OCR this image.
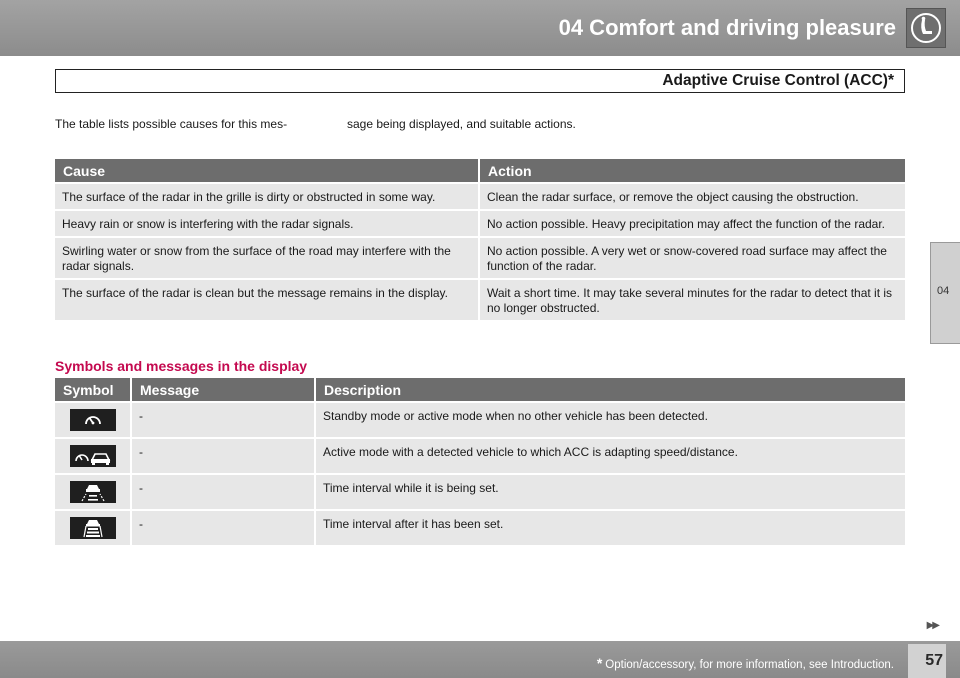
04 Comfort and driving pleasure
Adaptive Cruise Control (ACC)*
The table lists possible causes for this mes-	sage being displayed, and suitable actions.
Cause	Action
The surface of the radar in the grille is dirty or obstructed in some way.	Clean the radar surface, or remove the object causing the obstruction.
Heavy rain or snow is interfering with the radar signals.	No action possible. Heavy precipitation may affect the function of the radar.
Swirling water or snow from the surface of the road may interfere with the radar signals.	No action possible. A very wet or snow-covered road surface may affect the function of the radar.
The surface of the radar is clean but the message remains in the display.	Wait a short time. It may take several minutes for the radar to detect that it is no longer obstructed.
Symbols and messages in the display
Symbol	Message	Description

	-	Standby mode or active mode when no other vehicle has been detected.

	-	Active mode with a detected vehicle to which ACC is adapting speed/distance.

	-	Time interval while it is being set.

	-	Time interval after it has been set.
04
▶▶
* Option/accessory, for more information, see Introduction. 57
